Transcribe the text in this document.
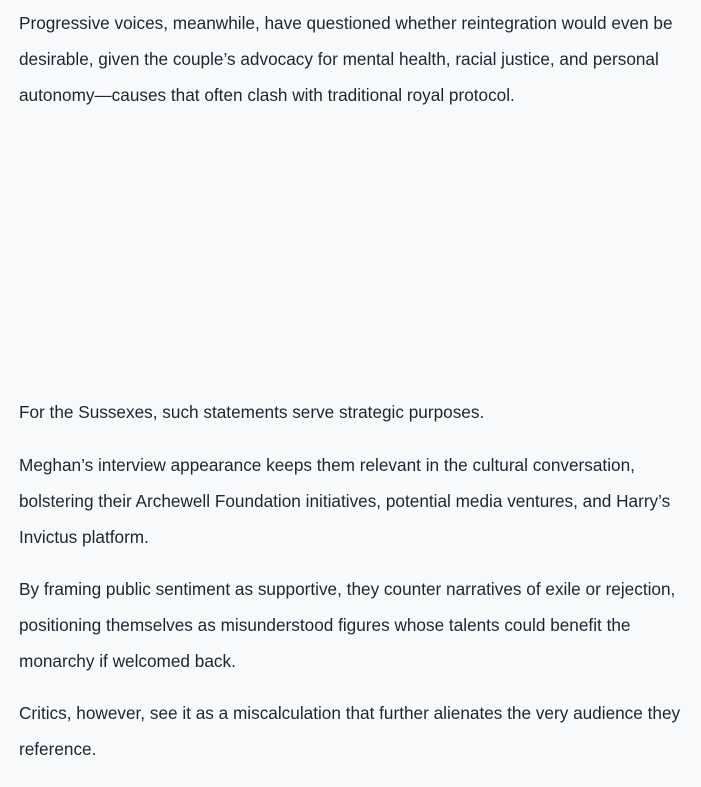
Progressive voices, meanwhile, have questioned whether reintegration would even be desirable, given the couple’s advocacy for mental health, racial justice, and personal autonomy—causes that often clash with traditional royal protocol.

For the Sussexes, such statements serve strategic purposes.

Meghan’s interview appearance keeps them relevant in the cultural conversation, bolstering their Archewell Foundation initiatives, potential media ventures, and Harry’s Invictus platform.

By framing public sentiment as supportive, they counter narratives of exile or rejection, positioning themselves as misunderstood figures whose talents could benefit the monarchy if welcomed back.

Critics, however, see it as a miscalculation that further alienates the very audience they reference.
